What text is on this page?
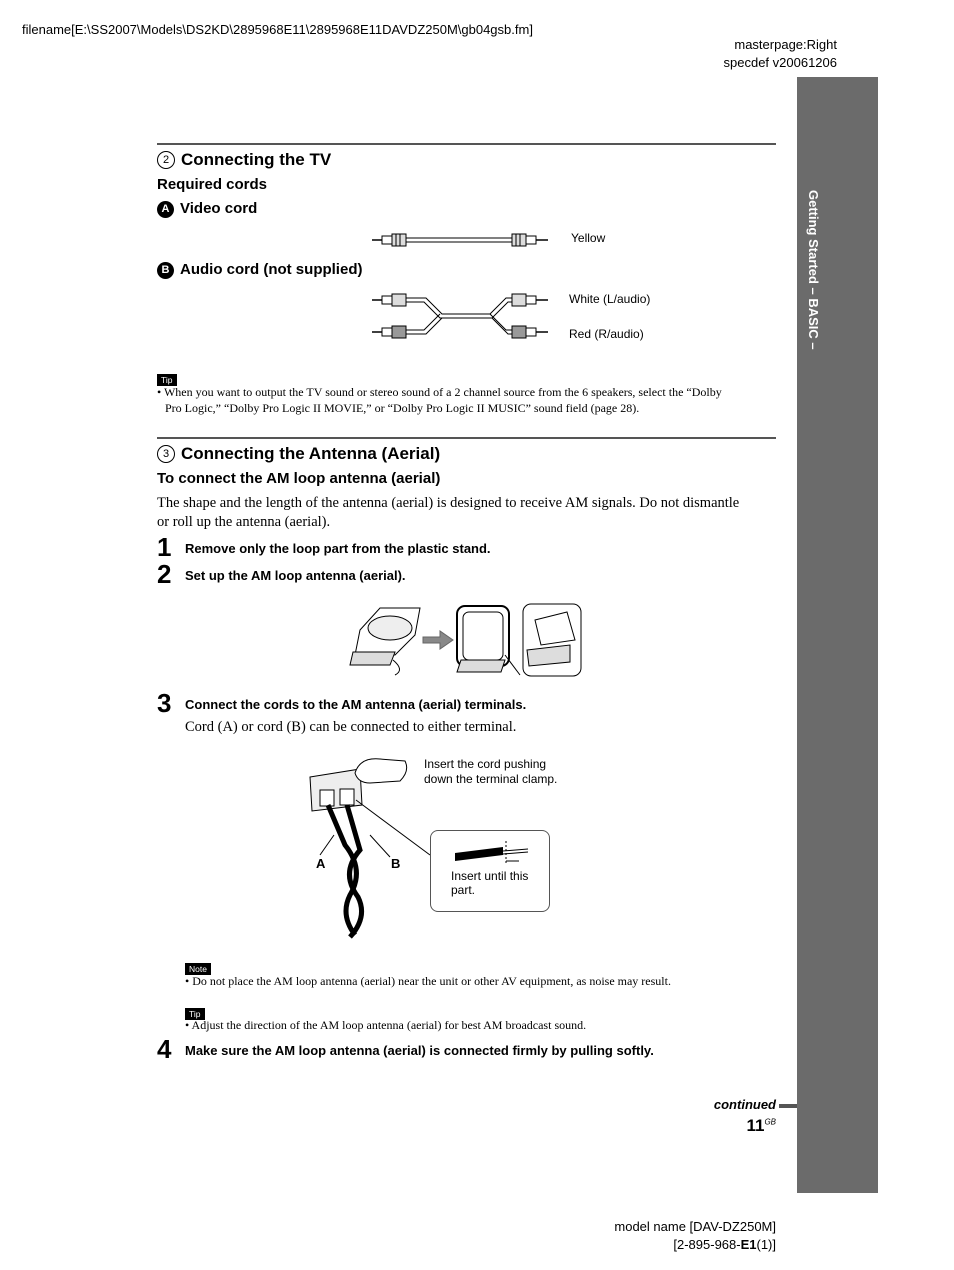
filename[E:\SS2007\Models\DS2KD\2895968E11\2895968E11DAVDZ250M\gb04gsb.fm]
masterpage:Right
specdef v20061206
Getting Started – BASIC –
2 Connecting the TV
Required cords
A Video cord
Yellow
B Audio cord (not supplied)
White (L/audio)
Red (R/audio)
Tip
• When you want to output the TV sound or stereo sound of a 2 channel source from the 6 speakers, select the “Dolby
Pro Logic,” “Dolby Pro Logic II MOVIE,” or “Dolby Pro Logic II MUSIC” sound field (page 28).
3 Connecting the Antenna (Aerial)
To connect the AM loop antenna (aerial)
The shape and the length of the antenna (aerial) is designed to receive AM signals. Do not dismantle
or roll up the antenna (aerial).
1 Remove only the loop part from the plastic stand.
2 Set up the AM loop antenna (aerial).
3 Connect the cords to the AM antenna (aerial) terminals.
Cord (A) or cord (B) can be connected to either terminal.
Insert the cord pushing
down the terminal clamp.
A	B
Insert until this
part.
Note
• Do not place the AM loop antenna (aerial) near the unit or other AV equipment, as noise may result.
Tip
• Adjust the direction of the AM loop antenna (aerial) for best AM broadcast sound.
4 Make sure the AM loop antenna (aerial) is connected firmly by pulling softly.
continued
$11^{GB}$
model name [DAV-DZ250M]
[2-895-968-E1(1)]
